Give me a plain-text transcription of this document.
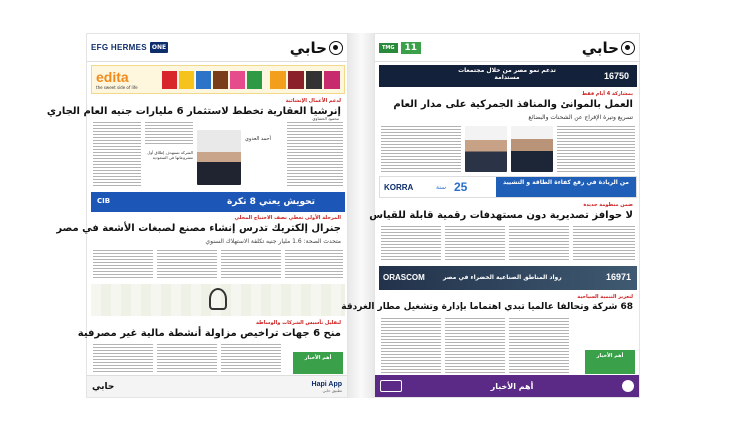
EFG HERMES ONE	حابي
edita
the sweet side of life
لدعم الأعمال الإنشائية
إنرشيا العقارية تخطط لاستثمار 6 مليارات جنيه العام الجاري
أحمد العدوي
الشركة تستهدف إطلاق أول مشروعاتها في السعودية
محمود الحفناوي
تحويش يعني 8 تكرة
CIB
المرحلة الأولى تغطي نصف الاحتياج المحلي
جنرال إلكتريك تدرس إنشاء مصنع لصبغات الأشعة في مصر
متحدث الصحة: 1.6 مليار جنيه تكلفة الاستهلاك السنوي
لتقليل تأسيس الشركات والوساطة
منح 6 جهات تراخيص مزاولة أنشطة مالية غير مصرفية
أهم الأخبار
حابي	Hapi App
تطبيق حابي
TMG	11	حابي
تدعم نمو مصر من خلال مجتمعات مستدامة	16750
بمشاركة 4 أيام فقط
العمل بالموانئ والمنافذ الجمركية على مدار العام
تسريع وتيرة الإفراج عن الشحنات والبضائع
KORRA	25
سنة
من الريادة في رفع كفاءة الطاقة و التشييد
ضمن منظومة جديدة
لا حوافز تصديرية دون مستهدفات رقمية قابلة للقياس
ORASCOM	رواد المناطق الصناعية الخضراء في مصر	16971
لتعزيز التنمية السياحية
68 شركة وتحالفا عالميا تبدي اهتماما بإدارة وتشغيل مطار الغردقة
أهم الأخبار
أهم الأخبار
